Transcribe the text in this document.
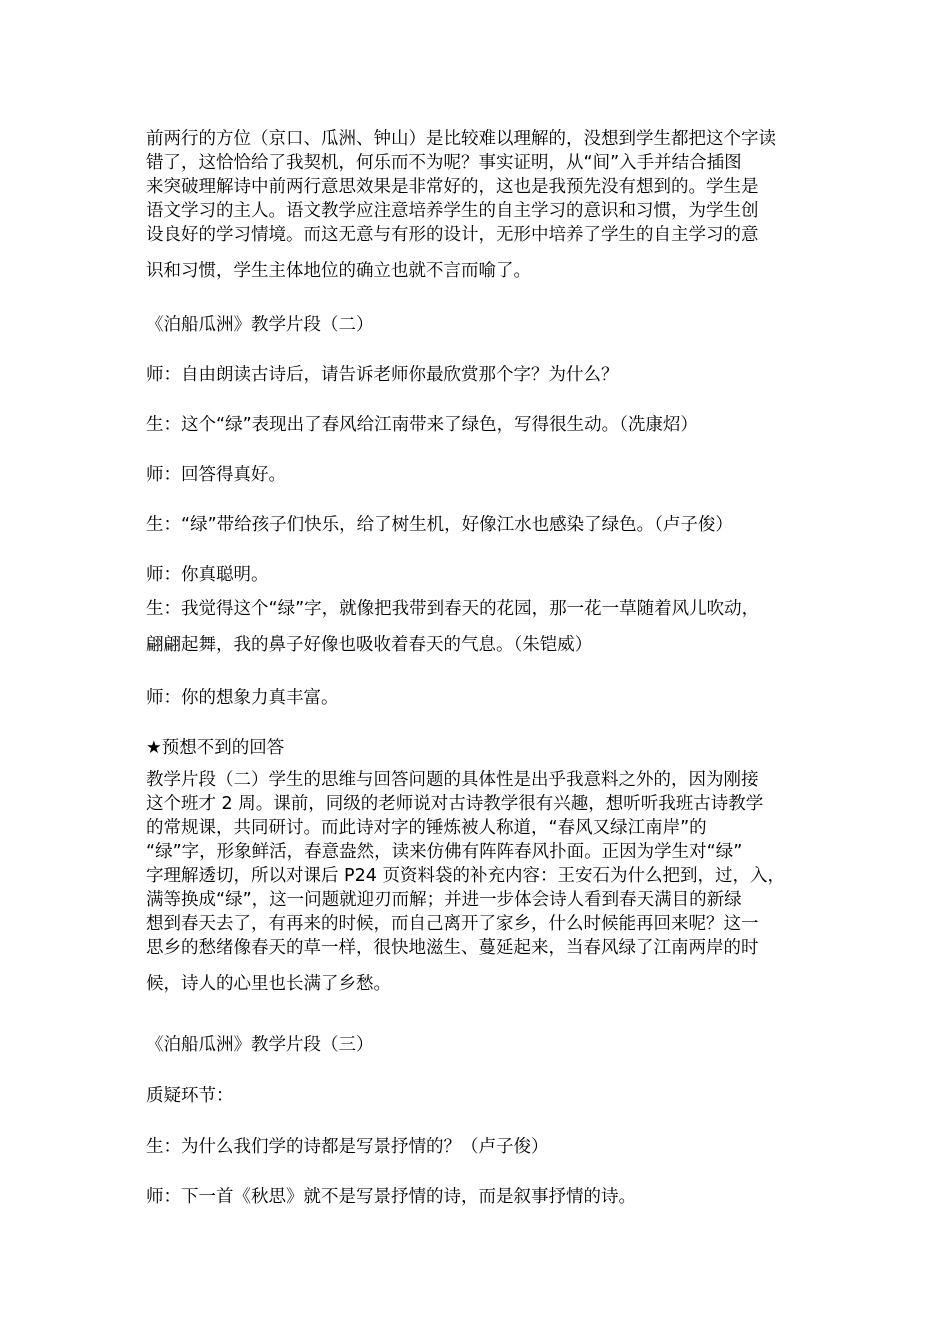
前两行的方位（京口、瓜洲、钟山）是比较难以理解的，没想到学生都把这个字读
错了，这恰恰给了我契机，何乐而不为呢？事实证明，从“间”入手并结合插图
来突破理解诗中前两行意思效果是非常好的，这也是我预先没有想到的。学生是
语文学习的主人。语文教学应注意培养学生的自主学习的意识和习惯，为学生创
设良好的学习情境。而这无意与有形的设计，无形中培养了学生的自主学习的意
识和习惯，学生主体地位的确立也就不言而喻了。
《泊船瓜洲》教学片段（二）
师：自由朗读古诗后，请告诉老师你最欣赏那个字？为什么？
生：这个“绿”表现出了春风给江南带来了绿色，写得很生动。（冼康炤）
师：回答得真好。
生：“绿”带给孩子们快乐，给了树生机，好像江水也感染了绿色。（卢子俊）
师：你真聪明。
生：我觉得这个“绿”字，就像把我带到春天的花园，那一花一草随着风儿吹动，
翩翩起舞，我的鼻子好像也吸收着春天的气息。（朱铠威）
师：你的想象力真丰富。
★预想不到的回答
教学片段（二）学生的思维与回答问题的具体性是出乎我意料之外的，因为刚接
这个班才 2 周。课前，同级的老师说对古诗教学很有兴趣，想听听我班古诗教学
的常规课，共同研讨。而此诗对字的锤炼被人称道，“春风又绿江南岸”的
“绿”字，形象鲜活，春意盎然，读来仿佛有阵阵春风扑面。正因为学生对“绿”
字理解透切，所以对课后 P24 页资料袋的补充内容：王安石为什么把到，过，入，
满等换成“绿”，这一问题就迎刃而解；并进一步体会诗人看到春天满目的新绿
想到春天去了，有再来的时候，而自己离开了家乡，什么时候能再回来呢？这一
思乡的愁绪像春天的草一样，很快地滋生、蔓延起来，当春风绿了江南两岸的时
候，诗人的心里也长满了乡愁。
《泊船瓜洲》教学片段（三）
质疑环节：
生：为什么我们学的诗都是写景抒情的？（卢子俊）
师：下一首《秋思》就不是写景抒情的诗，而是叙事抒情的诗。
